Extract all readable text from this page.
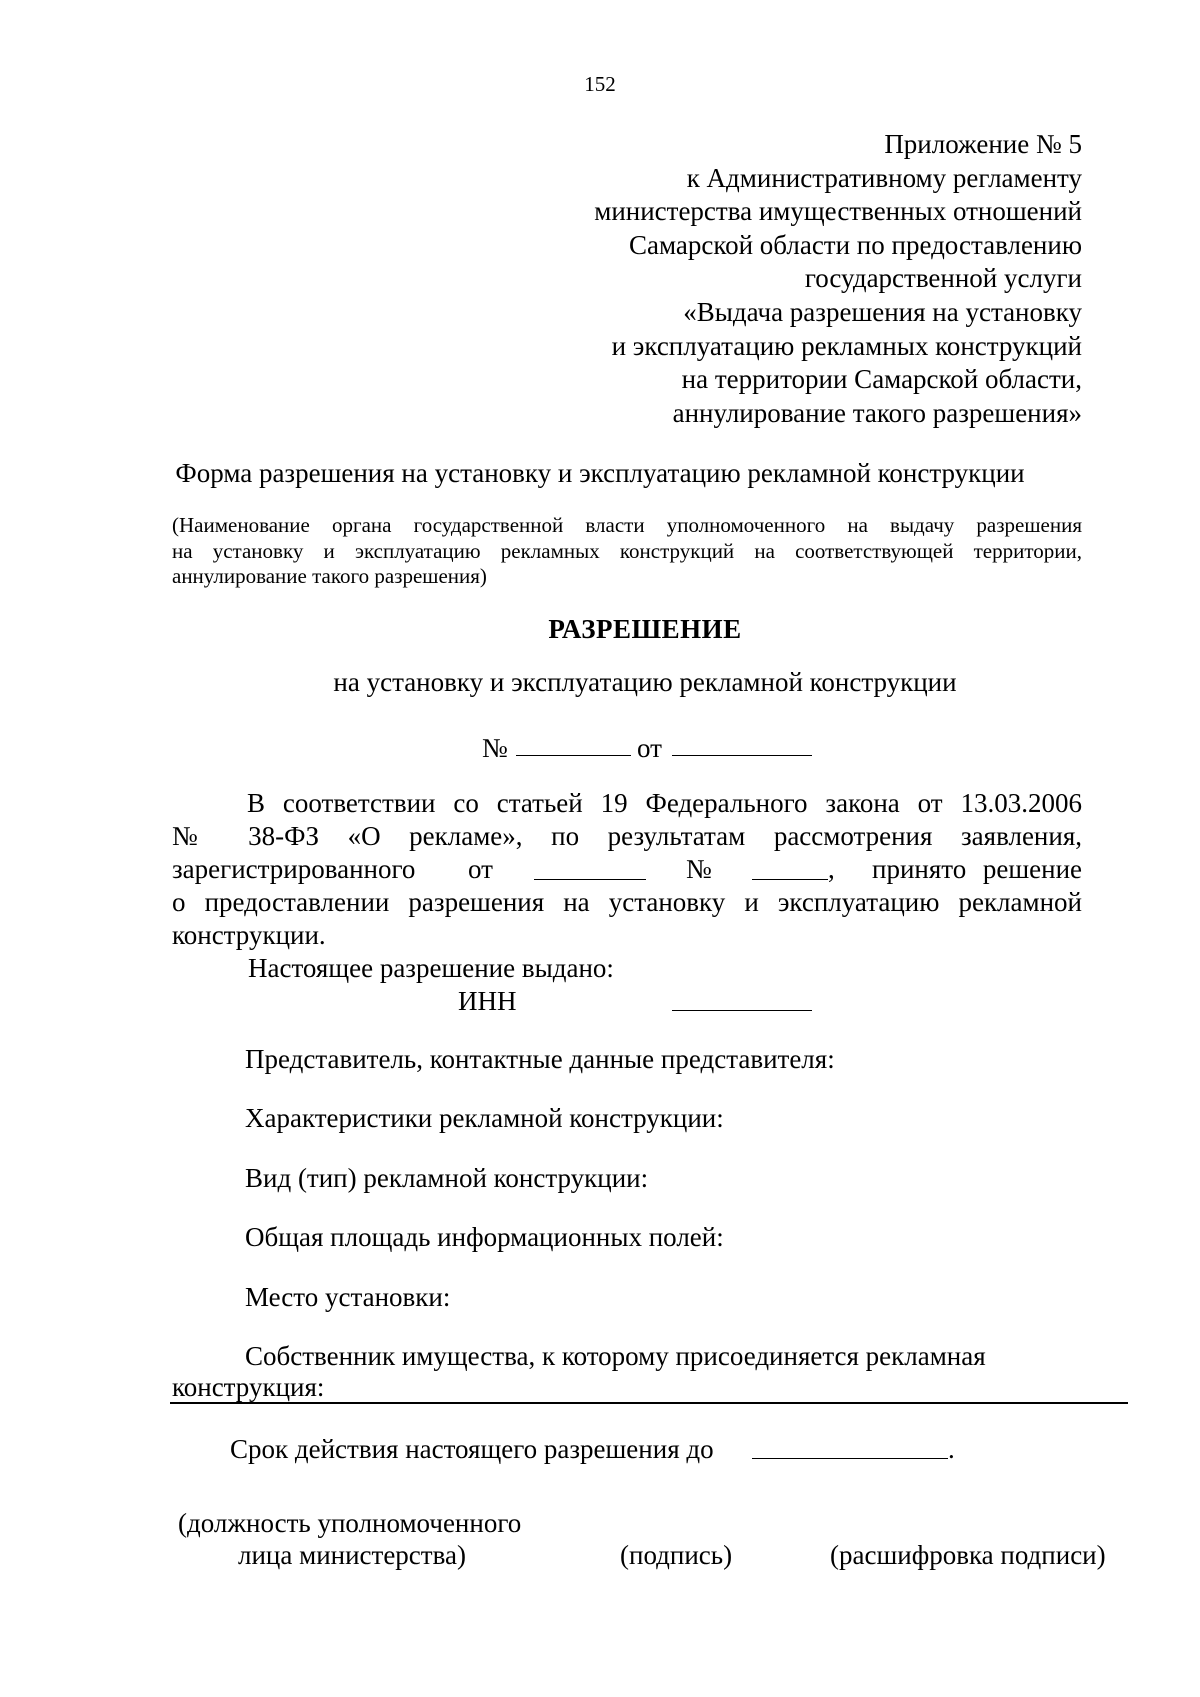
152
Приложение № 5
к Административному регламенту
министерства имущественных отношений
Самарской области по предоставлению
государственной услуги
«Выдача разрешения на установку
и эксплуатацию рекламных конструкций
на территории Самарской области,
аннулирование такого разрешения»
Форма разрешения на установку и эксплуатацию рекламной конструкции
(Наименование органа государственной власти уполномоченного на выдачу разрешения
на установку и эксплуатацию рекламных конструкций на соответствующей территории,
аннулирование такого разрешения)
РАЗРЕШЕНИЕ
на установку и эксплуатацию рекламной конструкции
№	от
В соответствии со статьей 19 Федерального закона от 13.03.2006
№ 38-ФЗ «О рекламе», по результатам рассмотрения заявления,
зарегистрированного от	№	, принято решение
о предоставлении разрешения на установку и эксплуатацию рекламной
конструкции.
Настоящее разрешение выдано:
ИНН
Представитель, контактные данные представителя:
Характеристики рекламной конструкции:
Вид (тип) рекламной конструкции:
Общая площадь информационных полей:
Место установки:
Собственник имущества, к которому присоединяется рекламная
конструкция:
Срок действия настоящего разрешения до	.
(должность уполномоченного
лица министерства)	(подпись)	(расшифровка подписи)
